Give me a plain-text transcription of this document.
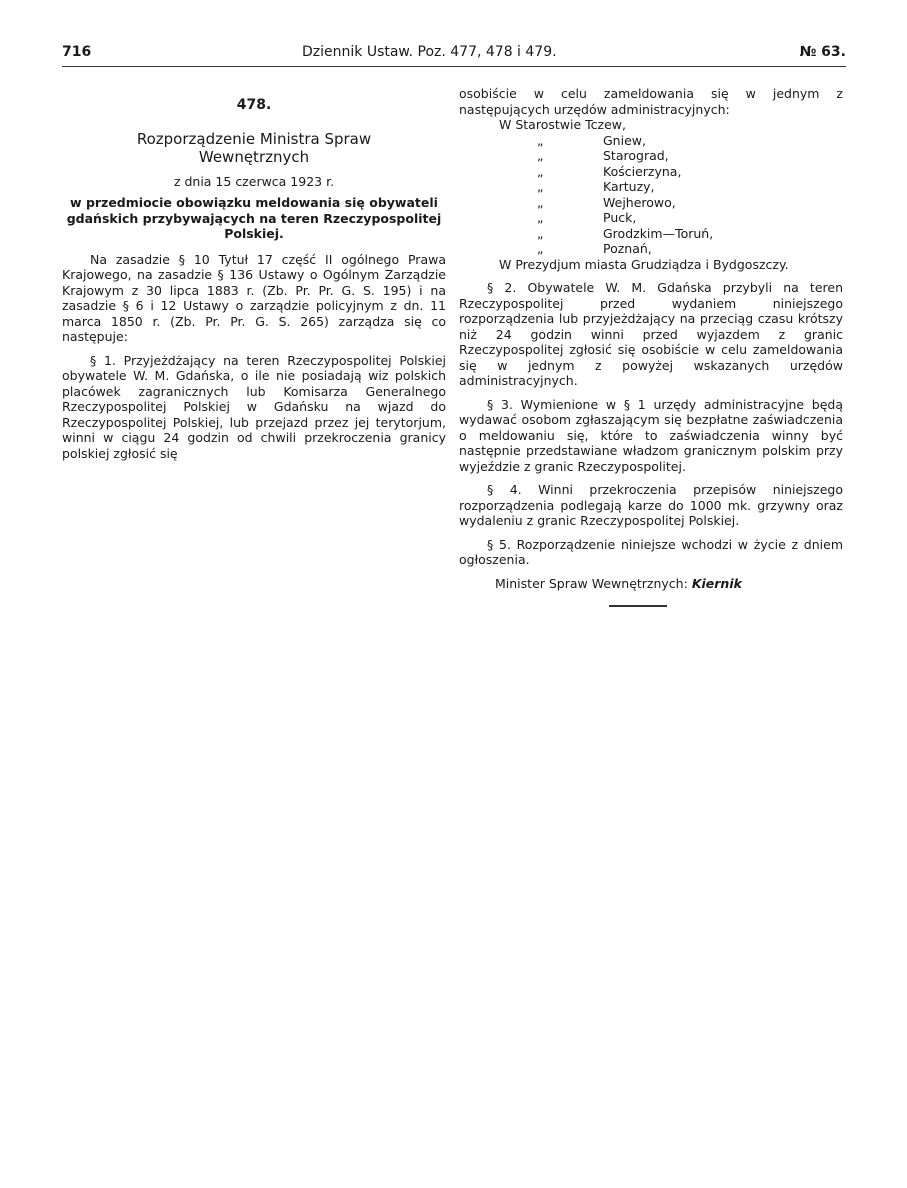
716	Dziennik Ustaw. Poz. 477, 478 i 479.	№ 63.
478.
Rozporządzenie Ministra Spraw
Wewnętrznych
z dnia 15 czerwca 1923 r.
w przedmiocie obowiązku meldowania się obywateli gdańskich przybywających na teren Rzeczypospolitej Polskiej.

Na zasadzie § 10 Tytuł 17 część II ogólnego Prawa Krajowego, na zasadzie § 136 Ustawy o Ogólnym Zarządzie Krajowym z 30 lipca 1883 r. (Zb. Pr. Pr. G. S. 195) i na zasadzie § 6 i 12 Ustawy o zarządzie policyjnym z dn. 11 marca 1850 r. (Zb. Pr. Pr. G. S. 265) zarządza się co następuje:

§ 1. Przyjeżdżający na teren Rzeczypospolitej Polskiej obywatele W. M. Gdańska, o ile nie posiadają wiz polskich placówek zagranicznych lub Komisarza Generalnego Rzeczypospolitej Polskiej w Gdańsku na wjazd do Rzeczypospolitej Polskiej, lub przejazd przez jej terytorjum, winni w ciągu 24 godzin od chwili przekroczenia granicy polskiej zgłosić się

osobiście w celu zameldowania się w jednym z następujących urzędów administracyjnych:

W Starostwie Tczew,
„	Gniew,
„	Starograd,
„	Kościerzyna,
„	Kartuzy,
„	Wejherowo,
„	Puck,
„	Grodzkim—Toruń,
„	Poznań,
W Prezydjum miasta Grudziądza i Bydgoszczy.

§ 2. Obywatele W. M. Gdańska przybyli na teren Rzeczypospolitej przed wydaniem niniejszego rozporządzenia lub przyjeżdżający na przeciąg czasu krótszy niż 24 godzin winni przed wyjazdem z granic Rzeczypospolitej zgłosić się osobiście w celu zameldowania się w jednym z powyżej wskazanych urzędów administracyjnych.

§ 3. Wymienione w § 1 urzędy administracyjne będą wydawać osobom zgłaszającym się bezpłatne zaświadczenia o meldowaniu się, które to zaświadczenia winny być następnie przedstawiane władzom granicznym polskim przy wyjeździe z granic Rzeczypospolitej.

§ 4. Winni przekroczenia przepisów niniejszego rozporządzenia podlegają karze do 1000 mk. grzywny oraz wydaleniu z granic Rzeczypospolitej Polskiej.

§ 5. Rozporządzenie niniejsze wchodzi w życie z dniem ogłoszenia.

Minister Spraw Wewnętrznych: Kiernik
